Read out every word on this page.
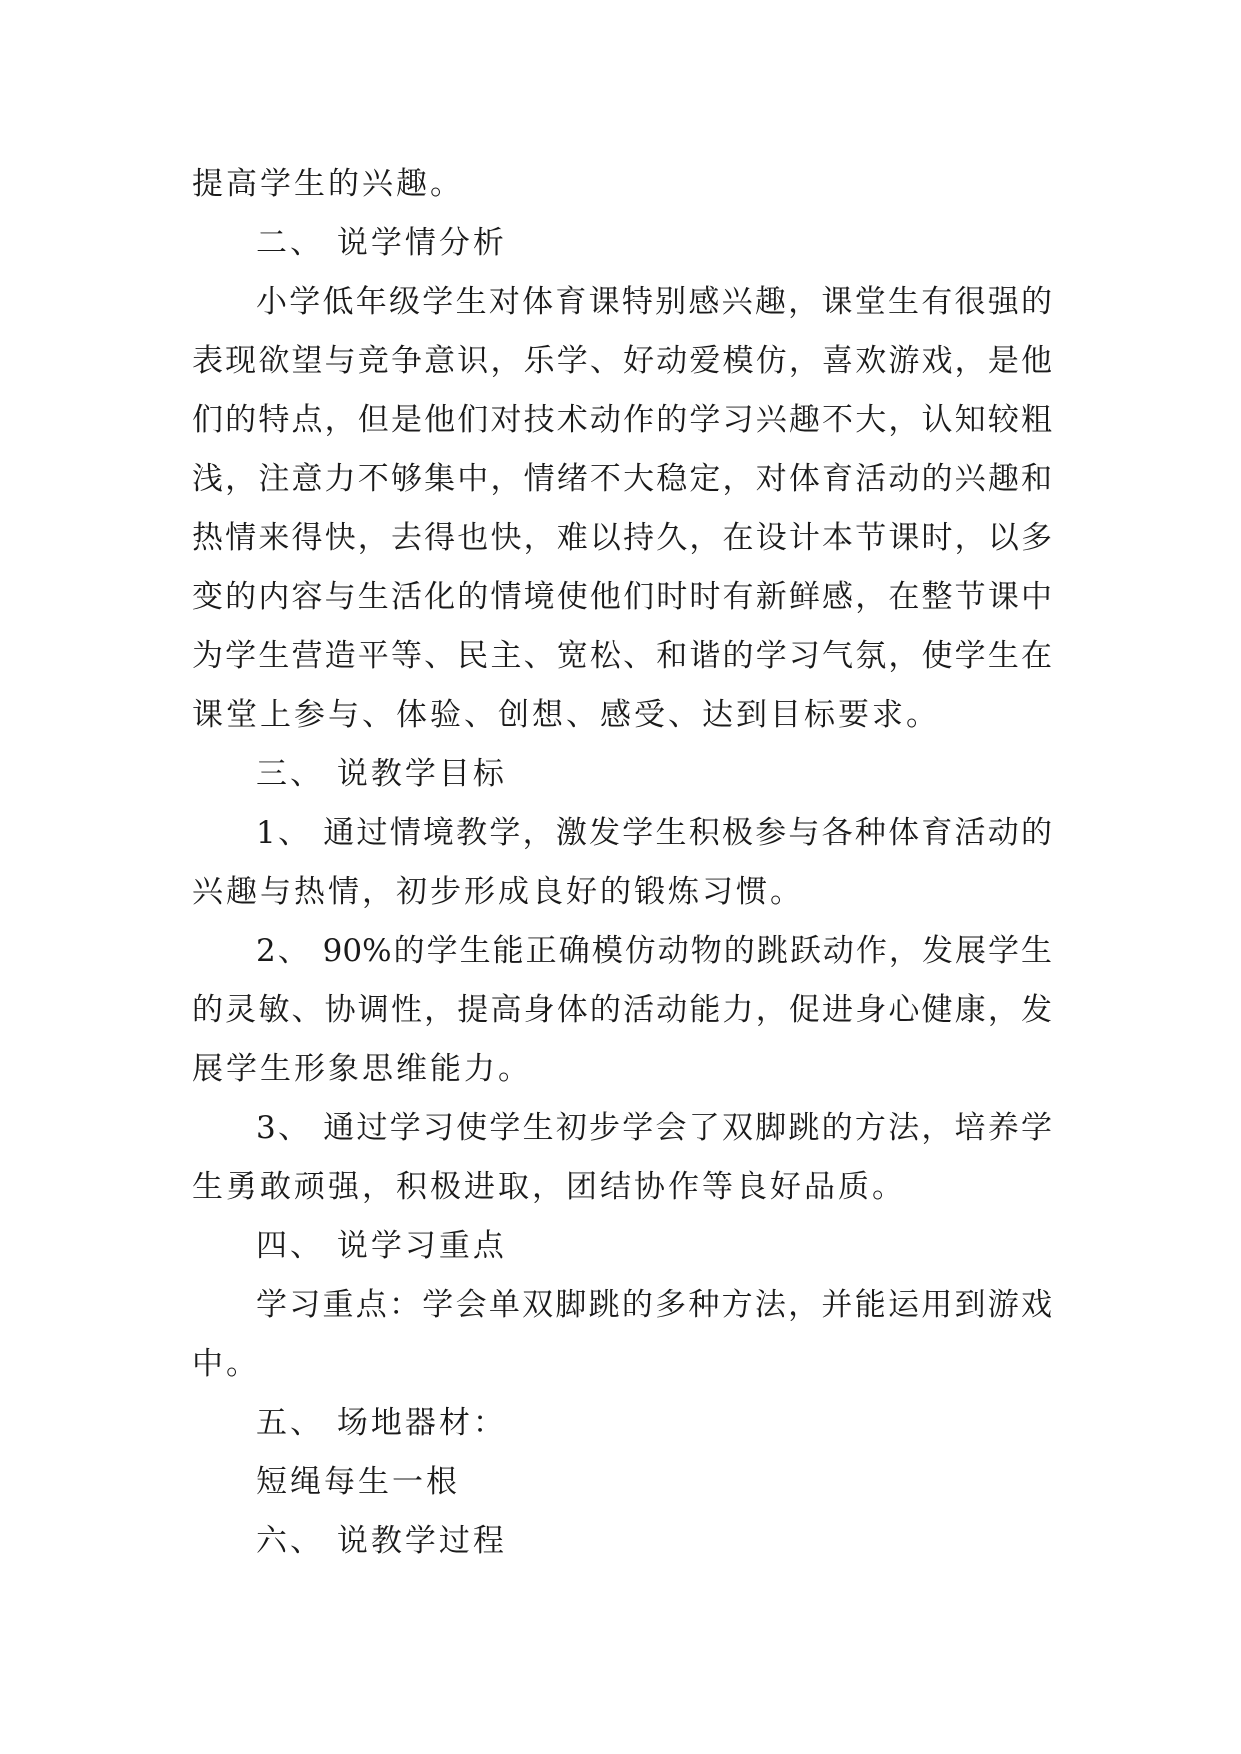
提高学生的兴趣。
二、 说学情分析
小学低年级学生对体育课特别感兴趣，课堂生有很强的
表现欲望与竞争意识，乐学、好动爱模仿，喜欢游戏，是他
们的特点，但是他们对技术动作的学习兴趣不大，认知较粗
浅，注意力不够集中，情绪不大稳定，对体育活动的兴趣和
热情来得快，去得也快，难以持久，在设计本节课时，以多
变的内容与生活化的情境使他们时时有新鲜感，在整节课中
为学生营造平等、民主、宽松、和谐的学习气氛，使学生在
课堂上参与、体验、创想、感受、达到目标要求。
三、 说教学目标
1、 通过情境教学，激发学生积极参与各种体育活动的
兴趣与热情，初步形成良好的锻炼习惯。
2、 90%的学生能正确模仿动物的跳跃动作，发展学生
的灵敏、协调性，提高身体的活动能力，促进身心健康，发
展学生形象思维能力。
3、 通过学习使学生初步学会了双脚跳的方法，培养学
生勇敢顽强，积极进取，团结协作等良好品质。
四、 说学习重点
学习重点：学会单双脚跳的多种方法，并能运用到游戏
中。
五、 场地器材：
短绳每生一根
六、 说教学过程
